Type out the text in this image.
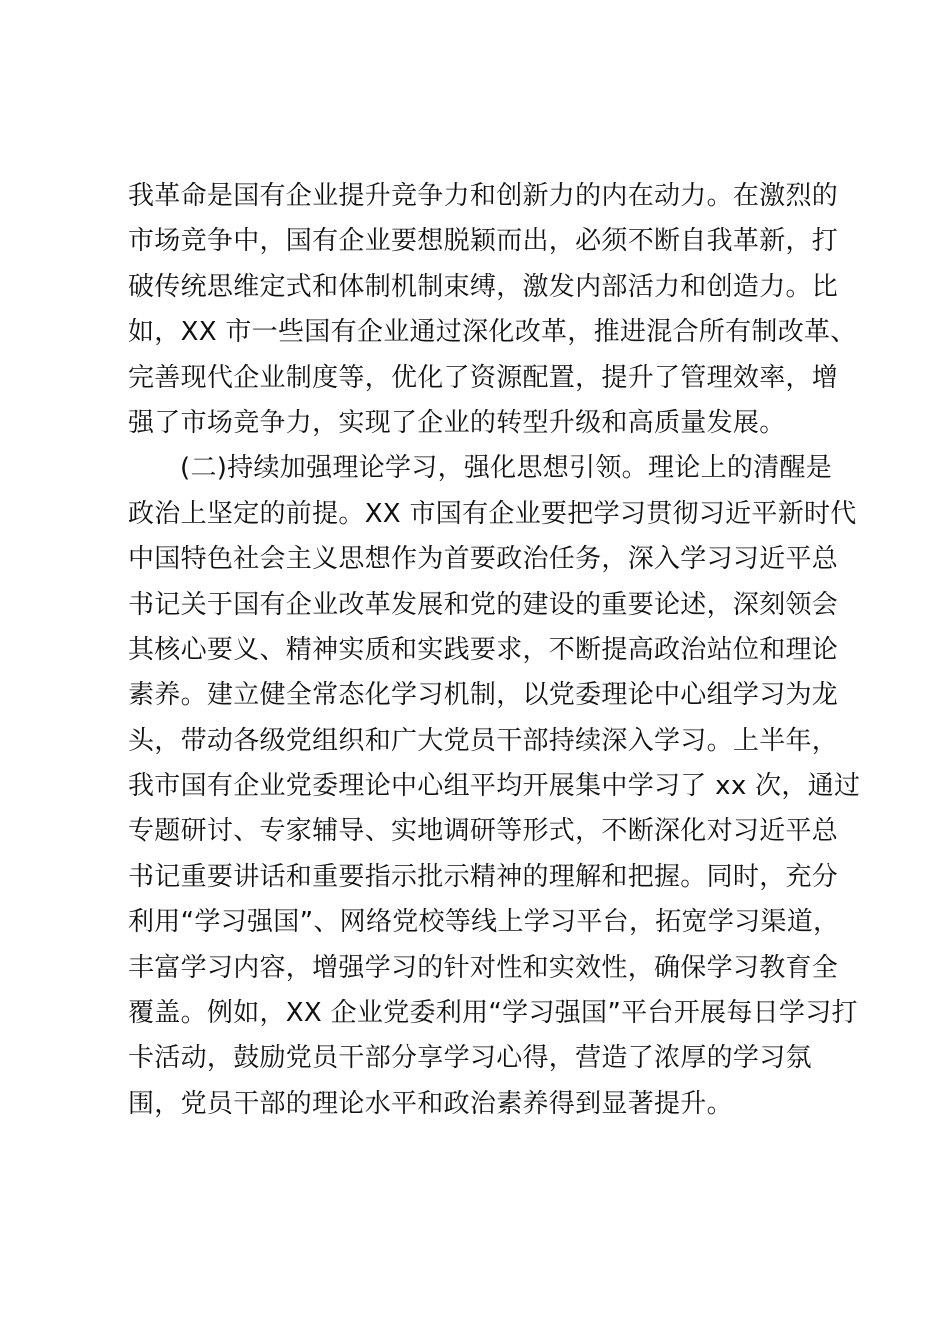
我革命是国有企业提升竞争力和创新力的内在动力。在激烈的
市场竞争中，国有企业要想脱颖而出，必须不断自我革新，打
破传统思维定式和体制机制束缚，激发内部活力和创造力。比
如，XX 市一些国有企业通过深化改革，推进混合所有制改革、
完善现代企业制度等，优化了资源配置，提升了管理效率，增
强了市场竞争力，实现了企业的转型升级和高质量发展。
(二)持续加强理论学习，强化思想引领。理论上的清醒是
政治上坚定的前提。XX 市国有企业要把学习贯彻习近平新时代
中国特色社会主义思想作为首要政治任务，深入学习习近平总
书记关于国有企业改革发展和党的建设的重要论述，深刻领会
其核心要义、精神实质和实践要求，不断提高政治站位和理论
素养。建立健全常态化学习机制，以党委理论中心组学习为龙
头，带动各级党组织和广大党员干部持续深入学习。上半年，
我市国有企业党委理论中心组平均开展集中学习了 xx 次，通过
专题研讨、专家辅导、实地调研等形式，不断深化对习近平总
书记重要讲话和重要指示批示精神的理解和把握。同时，充分
利用“学习强国”、网络党校等线上学习平台，拓宽学习渠道，
丰富学习内容，增强学习的针对性和实效性，确保学习教育全
覆盖。例如，XX 企业党委利用“学习强国”平台开展每日学习打
卡活动，鼓励党员干部分享学习心得，营造了浓厚的学习氛
围，党员干部的理论水平和政治素养得到显著提升。
